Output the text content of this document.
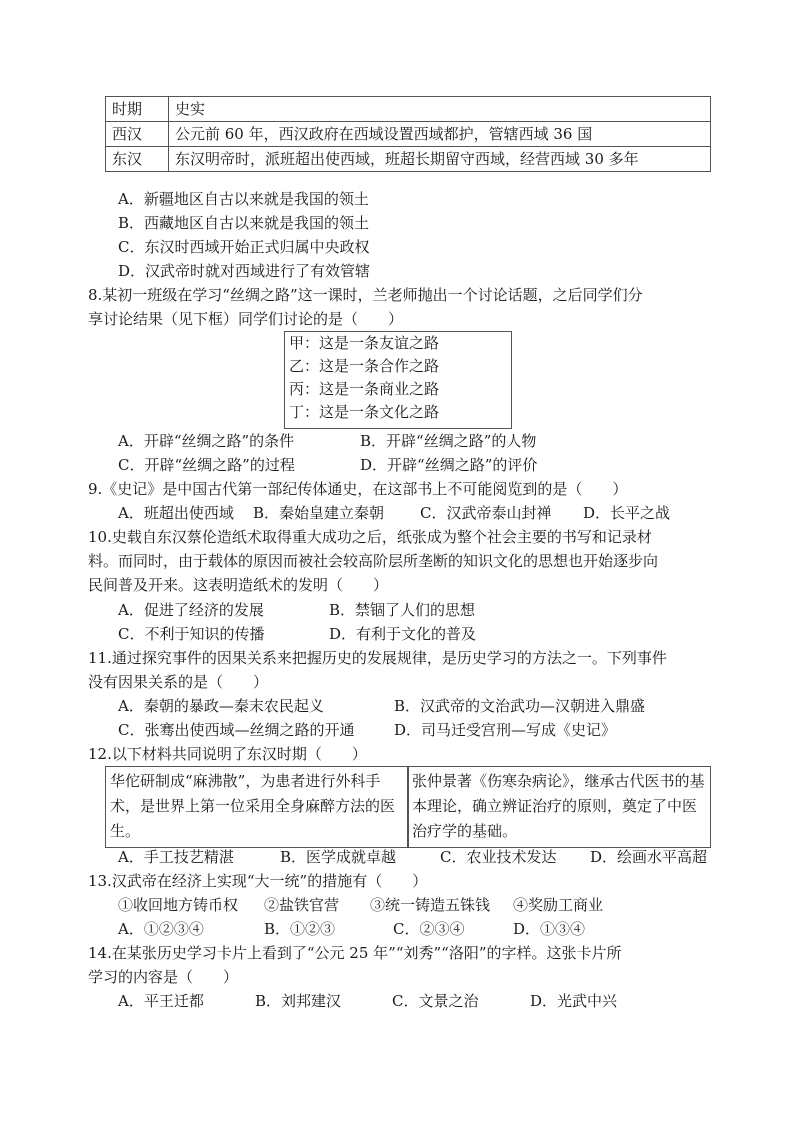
时期	史实
西汉	公元前 60 年，西汉政府在西域设置西域都护，管辖西域 36 国
东汉	东汉明帝时，派班超出使西域，班超长期留守西域，经营西域 30 多年
A．新疆地区自古以来就是我国的领土
B．西藏地区自古以来就是我国的领土
C．东汉时西域开始正式归属中央政权
D．汉武帝时就对西域进行了有效管辖
8.某初一班级在学习“丝绸之路”这一课时，兰老师抛出一个讨论话题，之后同学们分
享讨论结果（见下框）同学们讨论的是（　　）
甲：这是一条友谊之路
乙：这是一条合作之路
丙：这是一条商业之路
丁：这是一条文化之路
A．开辟“丝绸之路”的条件	B．开辟“丝绸之路”的人物
C．开辟“丝绸之路”的过程	D．开辟“丝绸之路”的评价
9.《史记》是中国古代第一部纪传体通史，在这部书上不可能阅览到的是（　　）
A．班超出使西域 B．秦始皇建立秦朝 C．汉武帝泰山封禅 D．长平之战
10.史载自东汉蔡伦造纸术取得重大成功之后，纸张成为整个社会主要的书写和记录材
料。而同时，由于载体的原因而被社会较高阶层所垄断的知识文化的思想也开始逐步向
民间普及开来。这表明造纸术的发明（　　）
A．促进了经济的发展	B．禁锢了人们的思想
C．不利于知识的传播	D．有利于文化的普及
11.通过探究事件的因果关系来把握历史的发展规律，是历史学习的方法之一。下列事件
没有因果关系的是（　　）
A．秦朝的暴政—秦末农民起义	B．汉武帝的文治武功—汉朝进入鼎盛
C．张骞出使西域—丝绸之路的开通	D．司马迁受宫刑—写成《史记》
12.以下材料共同说明了东汉时期（　　）
华佗研制成“麻沸散”，为患者进行外科手术，是世界上第一位采用全身麻醉方法的医生。
张仲景著《伤寒杂病论》，继承古代医书的基本理论，确立辨证治疗的原则，奠定了中医治疗学的基础。
A．手工技艺精湛	B．医学成就卓越	C．农业技术发达 D．绘画水平高超
13.汉武帝在经济上实现“大一统”的措施有（　　）
①收回地方铸币权 ②盐铁官营 ③统一铸造五铢钱 ④奖励工商业
A．①②③④	B．①②③	C．②③④	D．①③④
14.在某张历史学习卡片上看到了“公元 25 年”“刘秀”“洛阳”的字样。这张卡片所
学习的内容是（　　）
A．平王迁都	B．刘邦建汉	C．文景之治	D．光武中兴
